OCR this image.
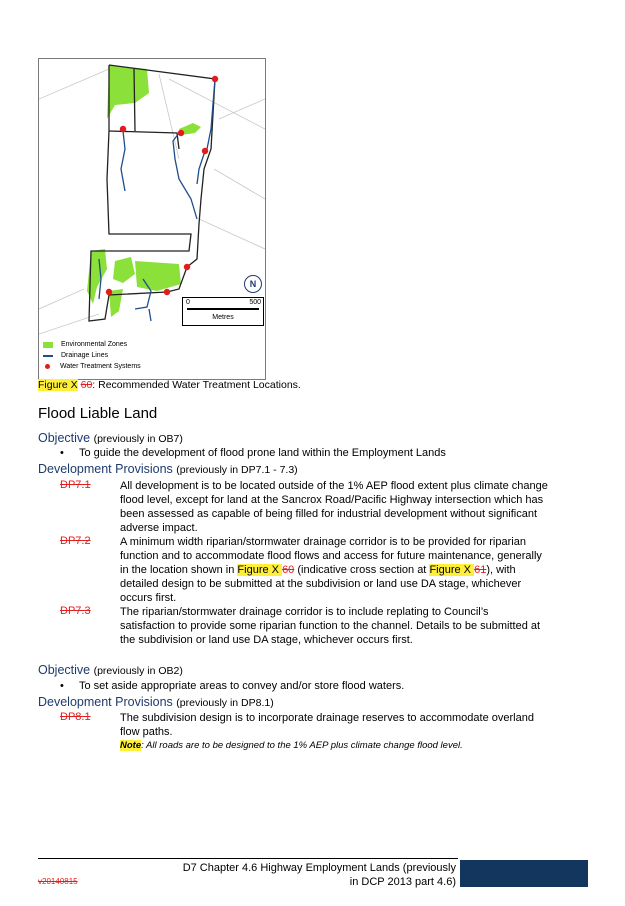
N
0	500
Metres
Environmental Zones
Drainage Lines
Water Treatment Systems
Figure X 60: Recommended Water Treatment Locations.
Flood Liable Land
Objective (previously in OB7)
• To guide the development of flood prone land within the Employment Lands
Development Provisions (previously in DP7.1 - 7.3)
DP7.1	All development is to be located outside of the 1% AEP flood extent plus climate change
flood level, except for land at the Sancrox Road/Pacific Highway intersection which has
been assessed as capable of being filled for industrial development without significant
adverse impact.
DP7.2	A minimum width riparian/stormwater drainage corridor is to be provided for riparian
function and to accommodate flood flows and access for future maintenance, generally
in the location shown in Figure X 60 (indicative cross section at Figure X 61), with
detailed design to be submitted at the subdivision or land use DA stage, whichever
occurs first.
DP7.3	The riparian/stormwater drainage corridor is to include replating to Council’s
satisfaction to provide some riparian function to the channel. Details to be submitted at
the subdivision or land use DA stage, whichever occurs first.
Objective (previously in OB2)
• To set aside appropriate areas to convey and/or store flood waters.
Development Provisions (previously in DP8.1)
DP8.1	The subdivision design is to incorporate drainage reserves to accommodate overland
flow paths.
Note: All roads are to be designed to the 1% AEP plus climate change flood level.
D7 Chapter 4.6 Highway Employment Lands (previously
in DCP 2013 part 4.6)
v20140815
